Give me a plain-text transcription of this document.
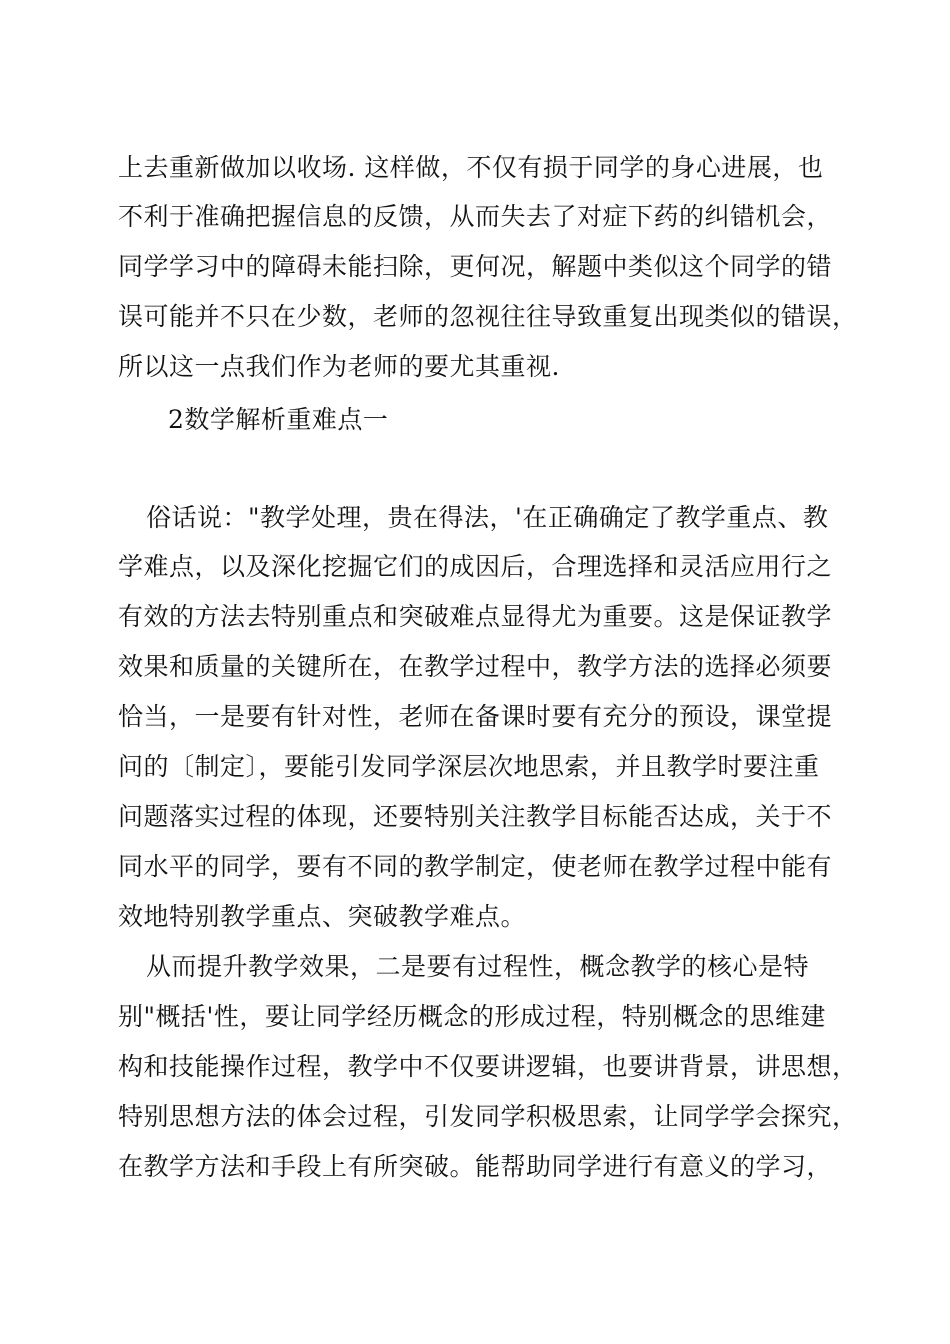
上去重新做加以收场. 这样做，不仅有损于同学的身心进展，也
不利于准确把握信息的反馈，从而失去了对症下药的纠错机会，
同学学习中的障碍未能扫除，更何况，解题中类似这个同学的错
误可能并不只在少数，老师的忽视往往导致重复出现类似的错误，
所以这一点我们作为老师的要尤其重视.
2数学解析重难点一
俗话说："教学处理，贵在得法，'在正确确定了教学重点、教
学难点，以及深化挖掘它们的成因后，合理选择和灵活应用行之
有效的方法去特别重点和突破难点显得尤为重要。这是保证教学
效果和质量的关键所在，在教学过程中，教学方法的选择必须要
恰当，一是要有针对性，老师在备课时要有充分的预设，课堂提
问的〔制定〕，要能引发同学深层次地思索，并且教学时要注重
问题落实过程的体现，还要特别关注教学目标能否达成，关于不
同水平的同学，要有不同的教学制定，使老师在教学过程中能有
效地特别教学重点、突破教学难点。
从而提升教学效果，二是要有过程性，概念教学的核心是特
别"概括'性，要让同学经历概念的形成过程，特别概念的思维建
构和技能操作过程，教学中不仅要讲逻辑，也要讲背景，讲思想，
特别思想方法的体会过程，引发同学积极思索，让同学学会探究，
在教学方法和手段上有所突破。能帮助同学进行有意义的学习，
